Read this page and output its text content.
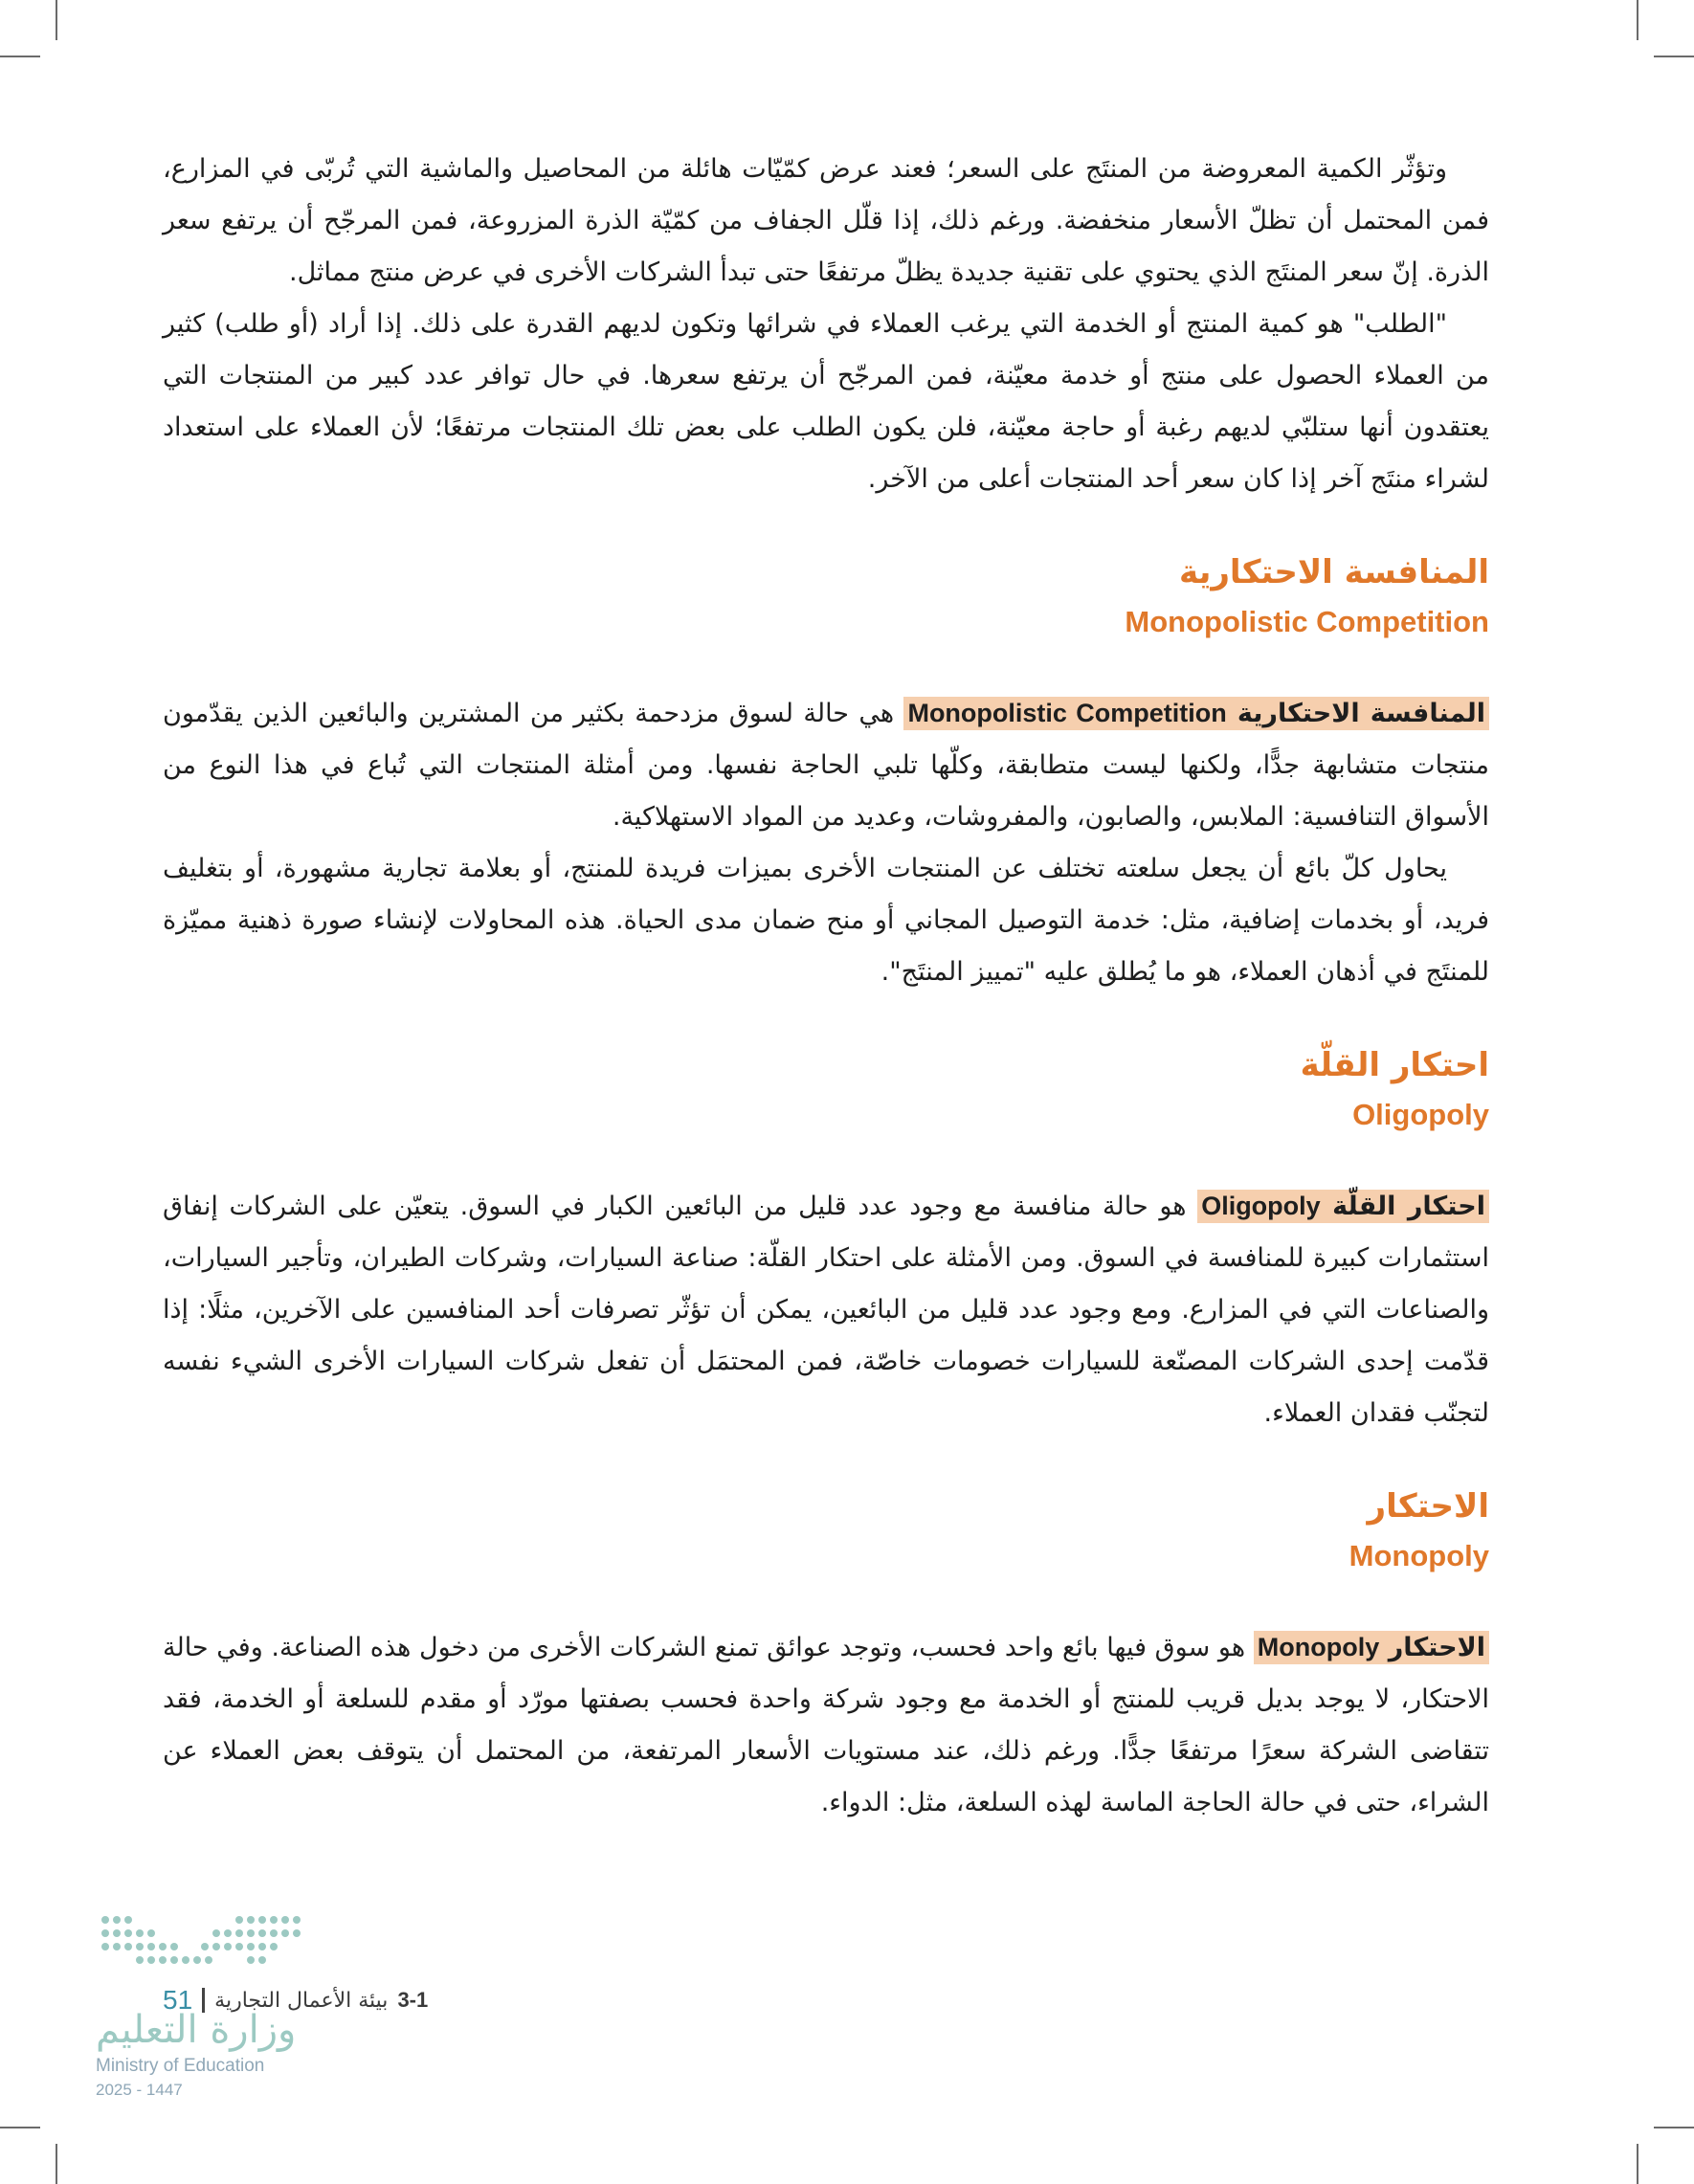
وتؤثّر الكمية المعروضة من المنتَج على السعر؛ فعند عرض كمّيّات هائلة من المحاصيل والماشية التي تُربّى في المزارع، فمن المحتمل أن تظلّ الأسعار منخفضة. ورغم ذلك، إذا قلّل الجفاف من كمّيّة الذرة المزروعة، فمن المرجّح أن يرتفع سعر الذرة. إنّ سعر المنتَج الذي يحتوي على تقنية جديدة يظلّ مرتفعًا حتى تبدأ الشركات الأخرى في عرض منتج مماثل.

"الطلب" هو كمية المنتج أو الخدمة التي يرغب العملاء في شرائها وتكون لديهم القدرة على ذلك. إذا أراد (أو طلب) كثير من العملاء الحصول على منتج أو خدمة معيّنة، فمن المرجّح أن يرتفع سعرها. في حال توافر عدد كبير من المنتجات التي يعتقدون أنها ستلبّي لديهم رغبة أو حاجة معيّنة، فلن يكون الطلب على بعض تلك المنتجات مرتفعًا؛ لأن العملاء على استعداد لشراء منتَج آخر إذا كان سعر أحد المنتجات أعلى من الآخر.

المنافسة الاحتكارية
Monopolistic Competition

المنافسة الاحتكارية Monopolistic Competition هي حالة لسوق مزدحمة بكثير من المشترين والبائعين الذين يقدّمون منتجات متشابهة جدًّا، ولكنها ليست متطابقة، وكلّها تلبي الحاجة نفسها. ومن أمثلة المنتجات التي تُباع في هذا النوع من الأسواق التنافسية: الملابس، والصابون، والمفروشات، وعديد من المواد الاستهلاكية.

يحاول كلّ بائع أن يجعل سلعته تختلف عن المنتجات الأخرى بميزات فريدة للمنتج، أو بعلامة تجارية مشهورة، أو بتغليف فريد، أو بخدمات إضافية، مثل: خدمة التوصيل المجاني أو منح ضمان مدى الحياة. هذه المحاولات لإنشاء صورة ذهنية مميّزة للمنتَج في أذهان العملاء، هو ما يُطلق عليه "تمييز المنتَج".

احتكار القلّة
Oligopoly

احتكار القلّة Oligopoly هو حالة منافسة مع وجود عدد قليل من البائعين الكبار في السوق. يتعيّن على الشركات إنفاق استثمارات كبيرة للمنافسة في السوق. ومن الأمثلة على احتكار القلّة: صناعة السيارات، وشركات الطيران، وتأجير السيارات، والصناعات التي في المزارع. ومع وجود عدد قليل من البائعين، يمكن أن تؤثّر تصرفات أحد المنافسين على الآخرين، مثلًا: إذا قدّمت إحدى الشركات المصنّعة للسيارات خصومات خاصّة، فمن المحتمَل أن تفعل شركات السيارات الأخرى الشيء نفسه لتجنّب فقدان العملاء.

الاحتكار
Monopoly

الاحتكار Monopoly هو سوق فيها بائع واحد فحسب، وتوجد عوائق تمنع الشركات الأخرى من دخول هذه الصناعة. وفي حالة الاحتكار، لا يوجد بديل قريب للمنتج أو الخدمة مع وجود شركة واحدة فحسب بصفتها مورّد أو مقدم للسلعة أو الخدمة، فقد تتقاضى الشركة سعرًا مرتفعًا جدًّا. ورغم ذلك، عند مستويات الأسعار المرتفعة، من المحتمل أن يتوقف بعض العملاء عن الشراء، حتى في حالة الحاجة الماسة لهذه السلعة، مثل: الدواء.

3-1
بيئة الأعمال التجارية
51
وزارة التعليم
Ministry of Education
2025 - 1447
